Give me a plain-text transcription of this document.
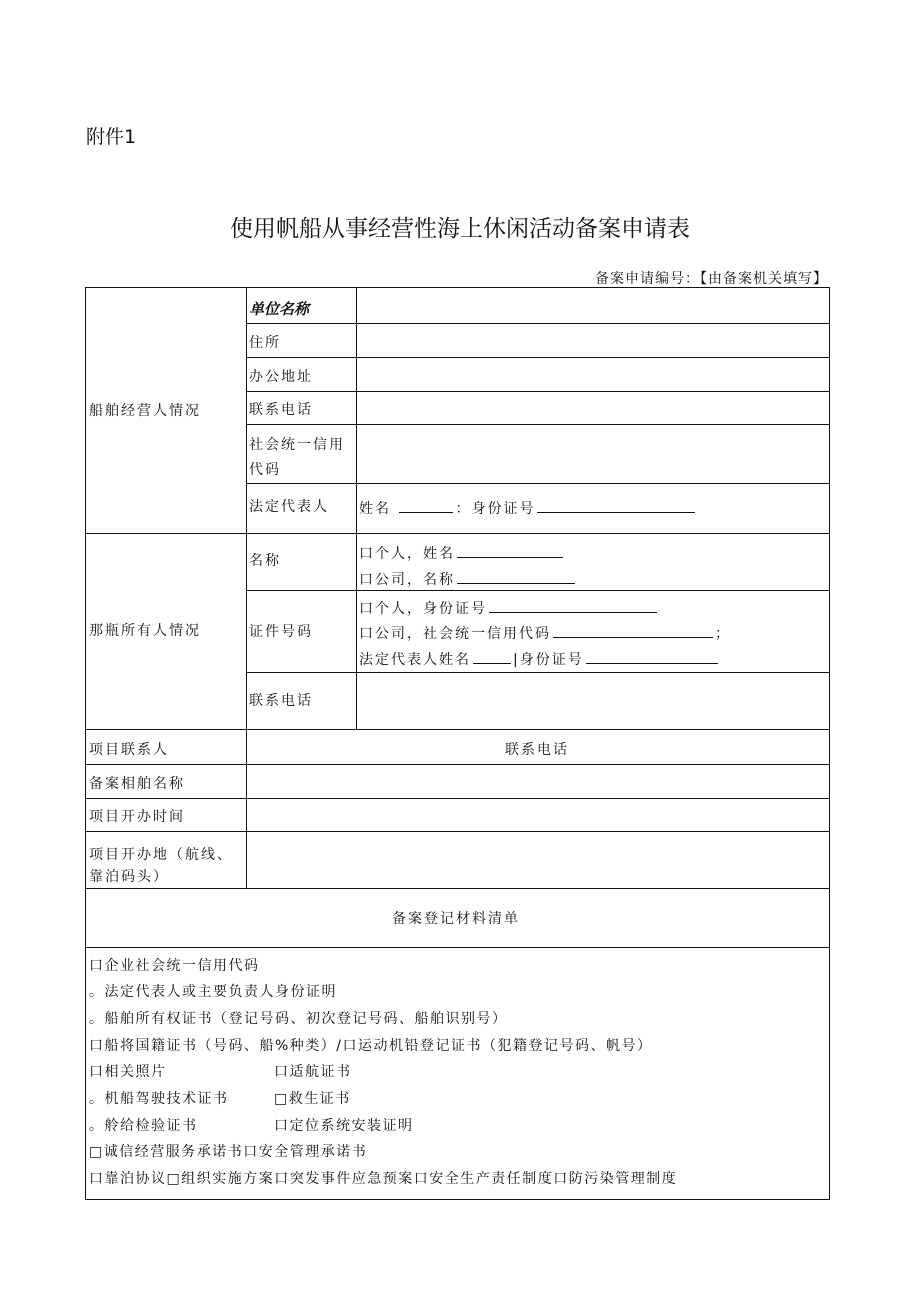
附件1
使用帆船从事经营性海上休闲活动备案申请表
备案申请编号：【由备案机关填写】
船舶经营人情况
单位名称
住所
办公地址
联系电话
社会统一信用
代码
法定代表人 姓名	：身份证号
那瓶所有人情况
名称	口个人，姓名
口公司，名称
证件号码
口个人，身份证号
口公司，社会统一信用代码	；
法定代表人姓名	|身份证号
联系电话
项目联系人	联系电话
备案相舶名称
项目开办时间
项目开办地（航线、
靠泊码头）
备案登记材料清单
口企业社会统一信用代码
。法定代表人或主要负责人身份证明
。船舶所有权证书（登记号码、初次登记号码、船舶识别号）
口船将国籍证书（号码、船%种类）/口运动机铅登记证书（犯籍登记号码、帆号）
口相关照片	口适航证书
。机船驾驶技术证书	□救生证书
。舲给检验证书	口定位系统安装证明
□诚信经营服务承诺书口安全管理承诺书
口靠泊协议□组织实施方案口突发事件应急预案口安全生产责任制度口防污染管理制度
